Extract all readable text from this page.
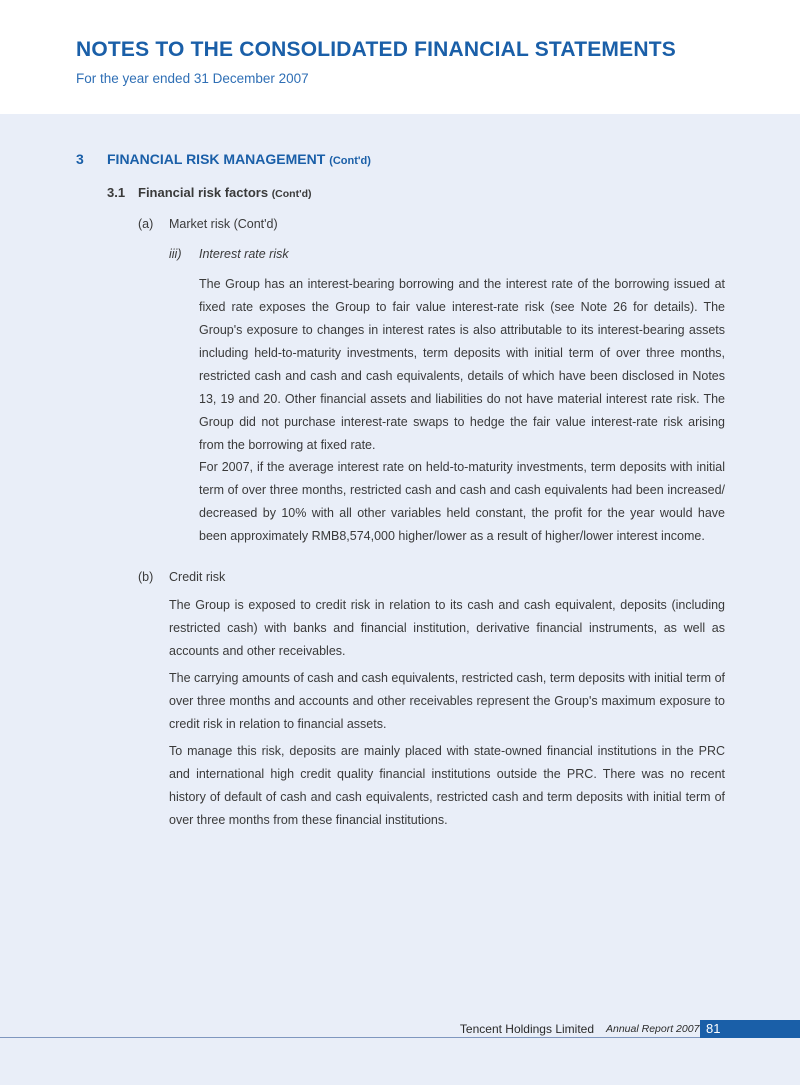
NOTES TO THE CONSOLIDATED FINANCIAL STATEMENTS
For the year ended 31 December 2007
3 FINANCIAL RISK MANAGEMENT (Cont'd)
3.1 Financial risk factors (Cont'd)
(a) Market risk (Cont'd)
iii) Interest rate risk

The Group has an interest-bearing borrowing and the interest rate of the borrowing issued at fixed rate exposes the Group to fair value interest-rate risk (see Note 26 for details). The Group's exposure to changes in interest rates is also attributable to its interest-bearing assets including held-to-maturity investments, term deposits with initial term of over three months, restricted cash and cash and cash equivalents, details of which have been disclosed in Notes 13, 19 and 20. Other financial assets and liabilities do not have material interest rate risk. The Group did not purchase interest-rate swaps to hedge the fair value interest-rate risk arising from the borrowing at fixed rate.

For 2007, if the average interest rate on held-to-maturity investments, term deposits with initial term of over three months, restricted cash and cash and cash equivalents had been increased/ decreased by 10% with all other variables held constant, the profit for the year would have been approximately RMB8,574,000 higher/lower as a result of higher/lower interest income.

(b) Credit risk

The Group is exposed to credit risk in relation to its cash and cash equivalent, deposits (including restricted cash) with banks and financial institution, derivative financial instruments, as well as accounts and other receivables.

The carrying amounts of cash and cash equivalents, restricted cash, term deposits with initial term of over three months and accounts and other receivables represent the Group's maximum exposure to credit risk in relation to financial assets.

To manage this risk, deposits are mainly placed with state-owned financial institutions in the PRC and international high credit quality financial institutions outside the PRC. There was no recent history of default of cash and cash equivalents, restricted cash and term deposits with initial term of over three months from these financial institutions.

Tencent Holdings Limited Annual Report 2007 81
